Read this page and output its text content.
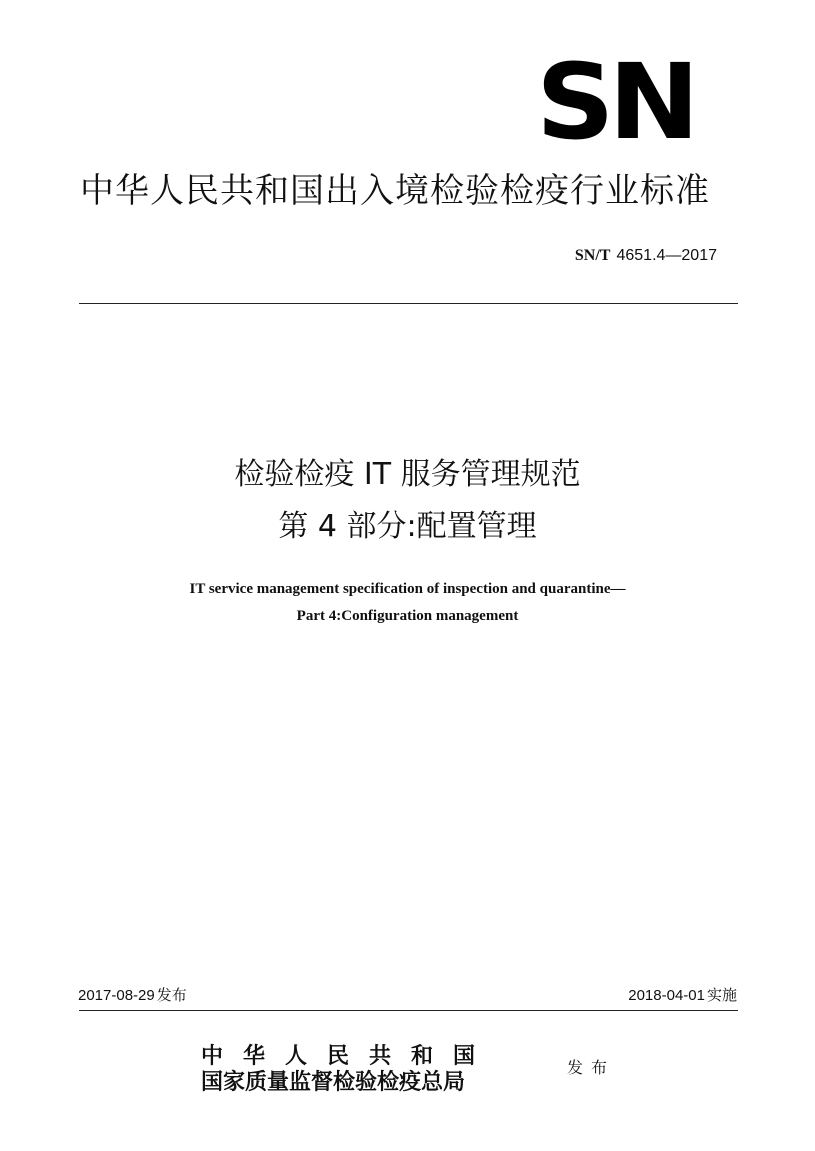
SN
中华人民共和国出入境检验检疫行业标准
SN/T 4651.4—2017
检验检疫 IT 服务管理规范
第 4 部分:配置管理
IT service management specification of inspection and quarantine—
Part 4:Configuration management
2017-08-29 发布	2018-04-01 实施
中华人民共和国
国家质量监督检验检疫总局
发布
